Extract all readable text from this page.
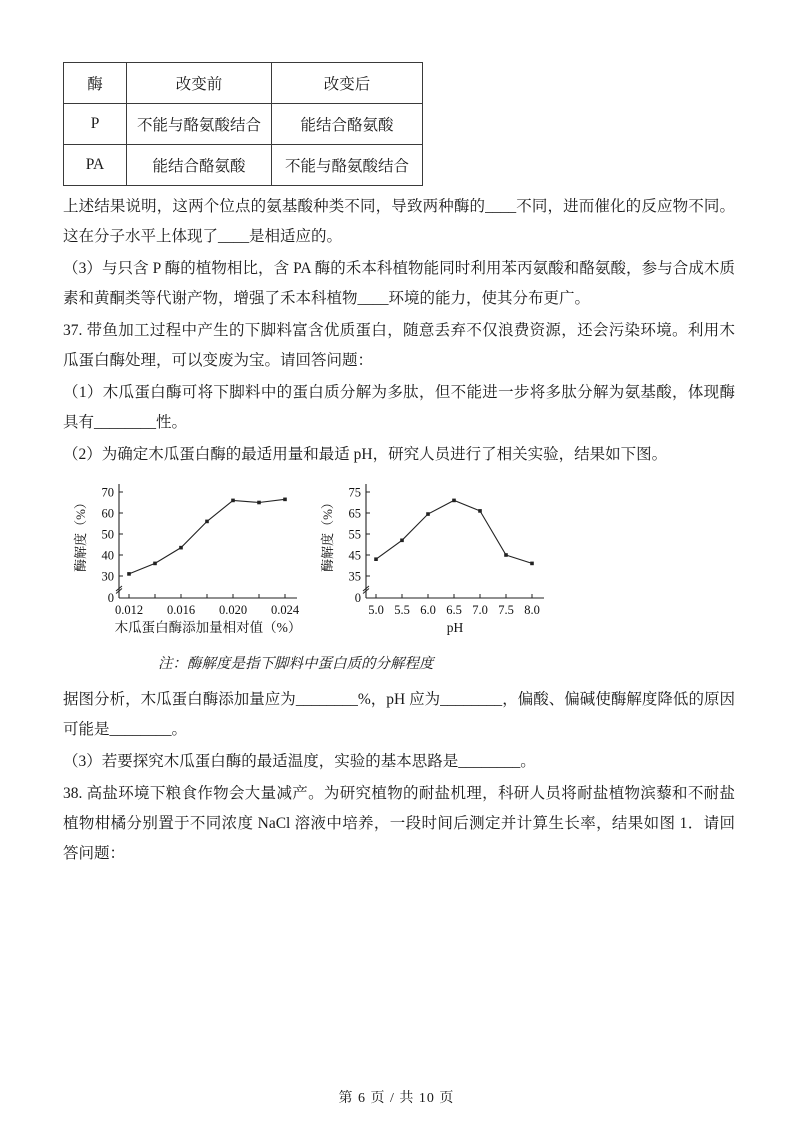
酶	改变前	改变后
P	不能与酪氨酸结合	能结合酪氨酸
PA	能结合酪氨酸	不能与酪氨酸结合

上述结果说明，这两个位点的氨基酸种类不同，导致两种酶的____不同，进而催化的反应物不同。这在分子水平上体现了____是相适应的。

（3）与只含 P 酶的植物相比，含 PA 酶的禾本科植物能同时利用苯丙氨酸和酪氨酸，参与合成木质素和黄酮类等代谢产物，增强了禾本科植物____环境的能力，使其分布更广。

37. 带鱼加工过程中产生的下脚料富含优质蛋白，随意丢弃不仅浪费资源，还会污染环境。利用木瓜蛋白酶处理，可以变废为宝。请回答问题：

（1）木瓜蛋白酶可将下脚料中的蛋白质分解为多肽，但不能进一步将多肽分解为氨基酸，体现酶具有________性。

（2）为确定木瓜蛋白酶的最适用量和最适 pH，研究人员进行了相关实验，结果如下图。

30
40
50
60
70
0
0.012 0.016 0.020 0.024
木瓜蛋白酶添加量相对值（%）
酶解度（%）
35
45
55
65
75
0
5.0 5.5 6.0 6.5 7.0 7.5 8.0
pH
酶解度（%）

注：酶解度是指下脚料中蛋白质的分解程度

据图分析，木瓜蛋白酶添加量应为________%，pH 应为________，偏酸、偏碱使酶解度降低的原因可能是________。

（3）若要探究木瓜蛋白酶的最适温度，实验的基本思路是________。

38. 高盐环境下粮食作物会大量减产。为研究植物的耐盐机理，科研人员将耐盐植物滨藜和不耐盐植物柑橘分别置于不同浓度 NaCl 溶液中培养，一段时间后测定并计算生长率，结果如图 1．请回答问题：

第 6 页 / 共 10 页
